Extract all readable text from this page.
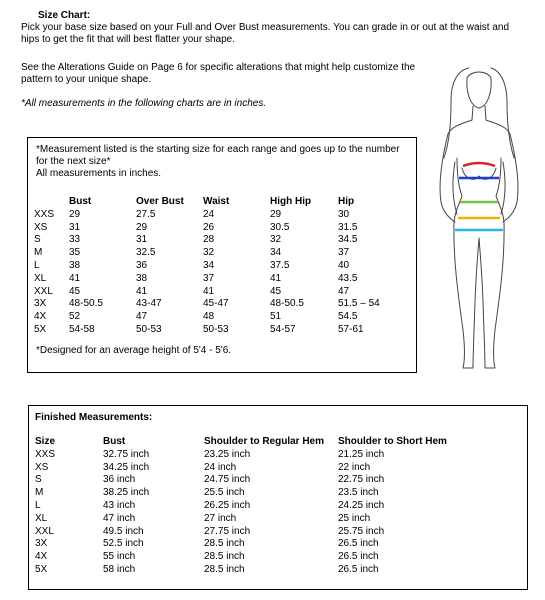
Size Chart:
Pick your base size based on your Full and Over Bust measurements. You can grade in or out at the waist and hips to get the fit that will best flatter your shape.
See the Alterations Guide on Page 6 for specific alterations that might help customize the pattern to your unique shape.
*All measurements in the following charts are in inches.
*Measurement listed is the starting size for each range and goes up to the number for the next size*
All measurements in inches.
	Bust	Over Bust	Waist	High Hip	Hip
XXS	29	27.5	24	29	30
XS	31	29	26	30.5	31.5
S	33	31	28	32	34.5
M	35	32.5	32	34	37
L	38	36	34	37.5	40
XL	41	38	37	41	43.5
XXL	45	41	41	45	47
3X	48-50.5	43-47	45-47	48-50.5	51.5 – 54
4X	52	47	48	51	54.5
5X	54-58	50-53	50-53	54-57	57-61
*Designed for an average height of 5'4 - 5'6.
Finished Measurements:
Size	Bust	Shoulder to Regular Hem	Shoulder to Short Hem
XXS	32.75 inch	23.25 inch	21.25 inch
XS	34.25 inch	24 inch	22 inch
S	36 inch	24.75 inch	22.75 inch
M	38.25 inch	25.5 inch	23.5 inch
L	43 inch	26.25 inch	24.25 inch
XL	47 inch	27 inch	25 inch
XXL	49.5 inch	27.75 inch	25.75 inch
3X	52.5 inch	28.5 inch	26.5 inch
4X	55 inch	28.5 inch	26.5 inch
5X	58 inch	28.5 inch	26.5 inch
